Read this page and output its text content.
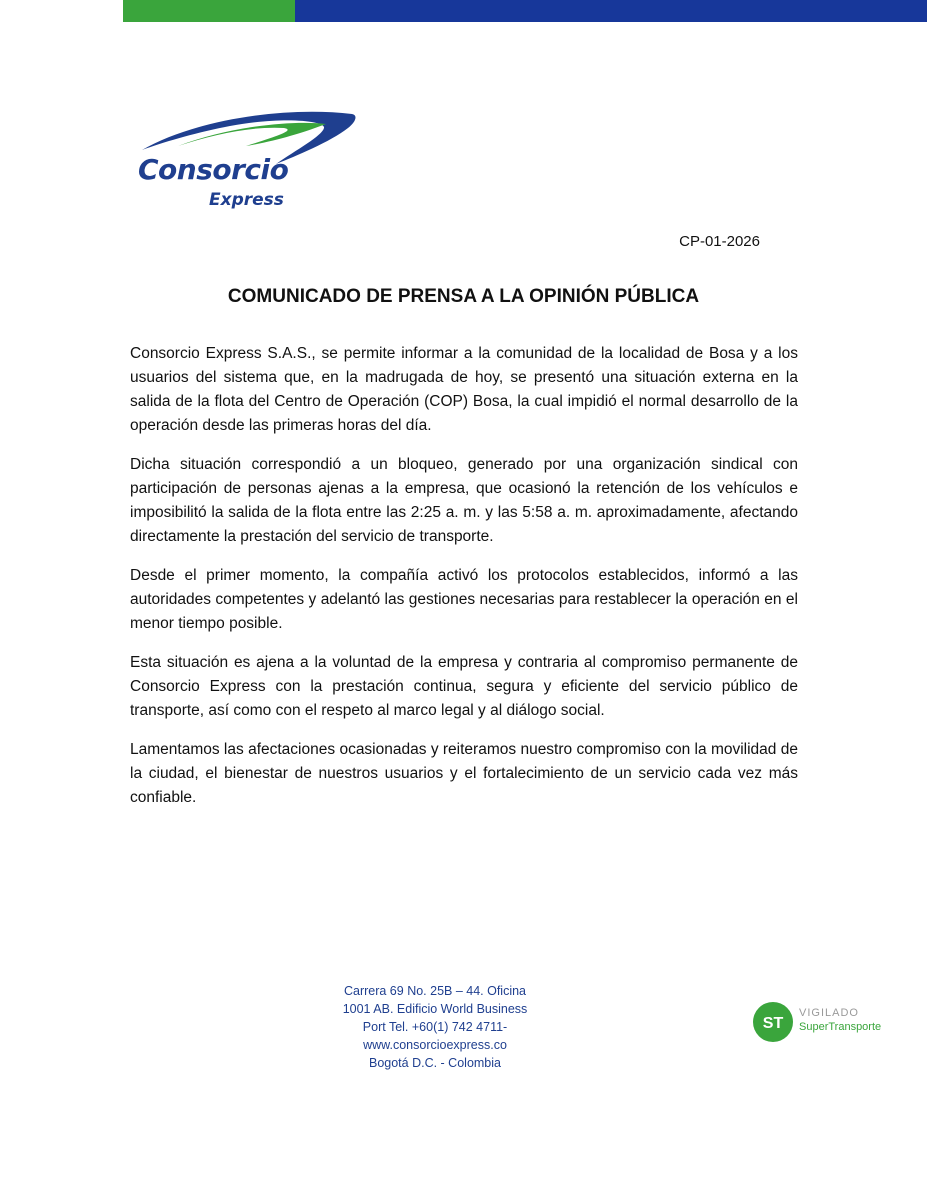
Consorcio

Express

CP-01-2026

COMUNICADO DE PRENSA A LA OPINIÓN PÚBLICA

Consorcio Express S.A.S., se permite informar a la comunidad de la localidad de Bosa y a los usuarios del sistema que, en la madrugada de hoy, se presentó una situación externa en la salida de la flota del Centro de Operación (COP) Bosa, la cual impidió el normal desarrollo de la operación desde las primeras horas del día.

Dicha situación correspondió a un bloqueo, generado por una organización sindical con participación de personas ajenas a la empresa, que ocasionó la retención de los vehículos e imposibilitó la salida de la flota entre las 2:25 a. m. y las 5:58 a. m. aproximadamente, afectando directamente la prestación del servicio de transporte.

Desde el primer momento, la compañía activó los protocolos establecidos, informó a las autoridades competentes y adelantó las gestiones necesarias para restablecer la operación en el menor tiempo posible.

Esta situación es ajena a la voluntad de la empresa y contraria al compromiso permanente de Consorcio Express con la prestación continua, segura y eficiente del servicio público de transporte, así como con el respeto al marco legal y al diálogo social.

Lamentamos las afectaciones ocasionadas y reiteramos nuestro compromiso con la movilidad de la ciudad, el bienestar de nuestros usuarios y el fortalecimiento de un servicio cada vez más confiable.

Carrera 69 No. 25B – 44. Oficina
1001 AB. Edificio World Business
Port Tel. +60(1) 742 4711-
www.consorcioexpress.co
Bogotá D.C. - Colombia
ST

VIGILADO

SuperTransporte
